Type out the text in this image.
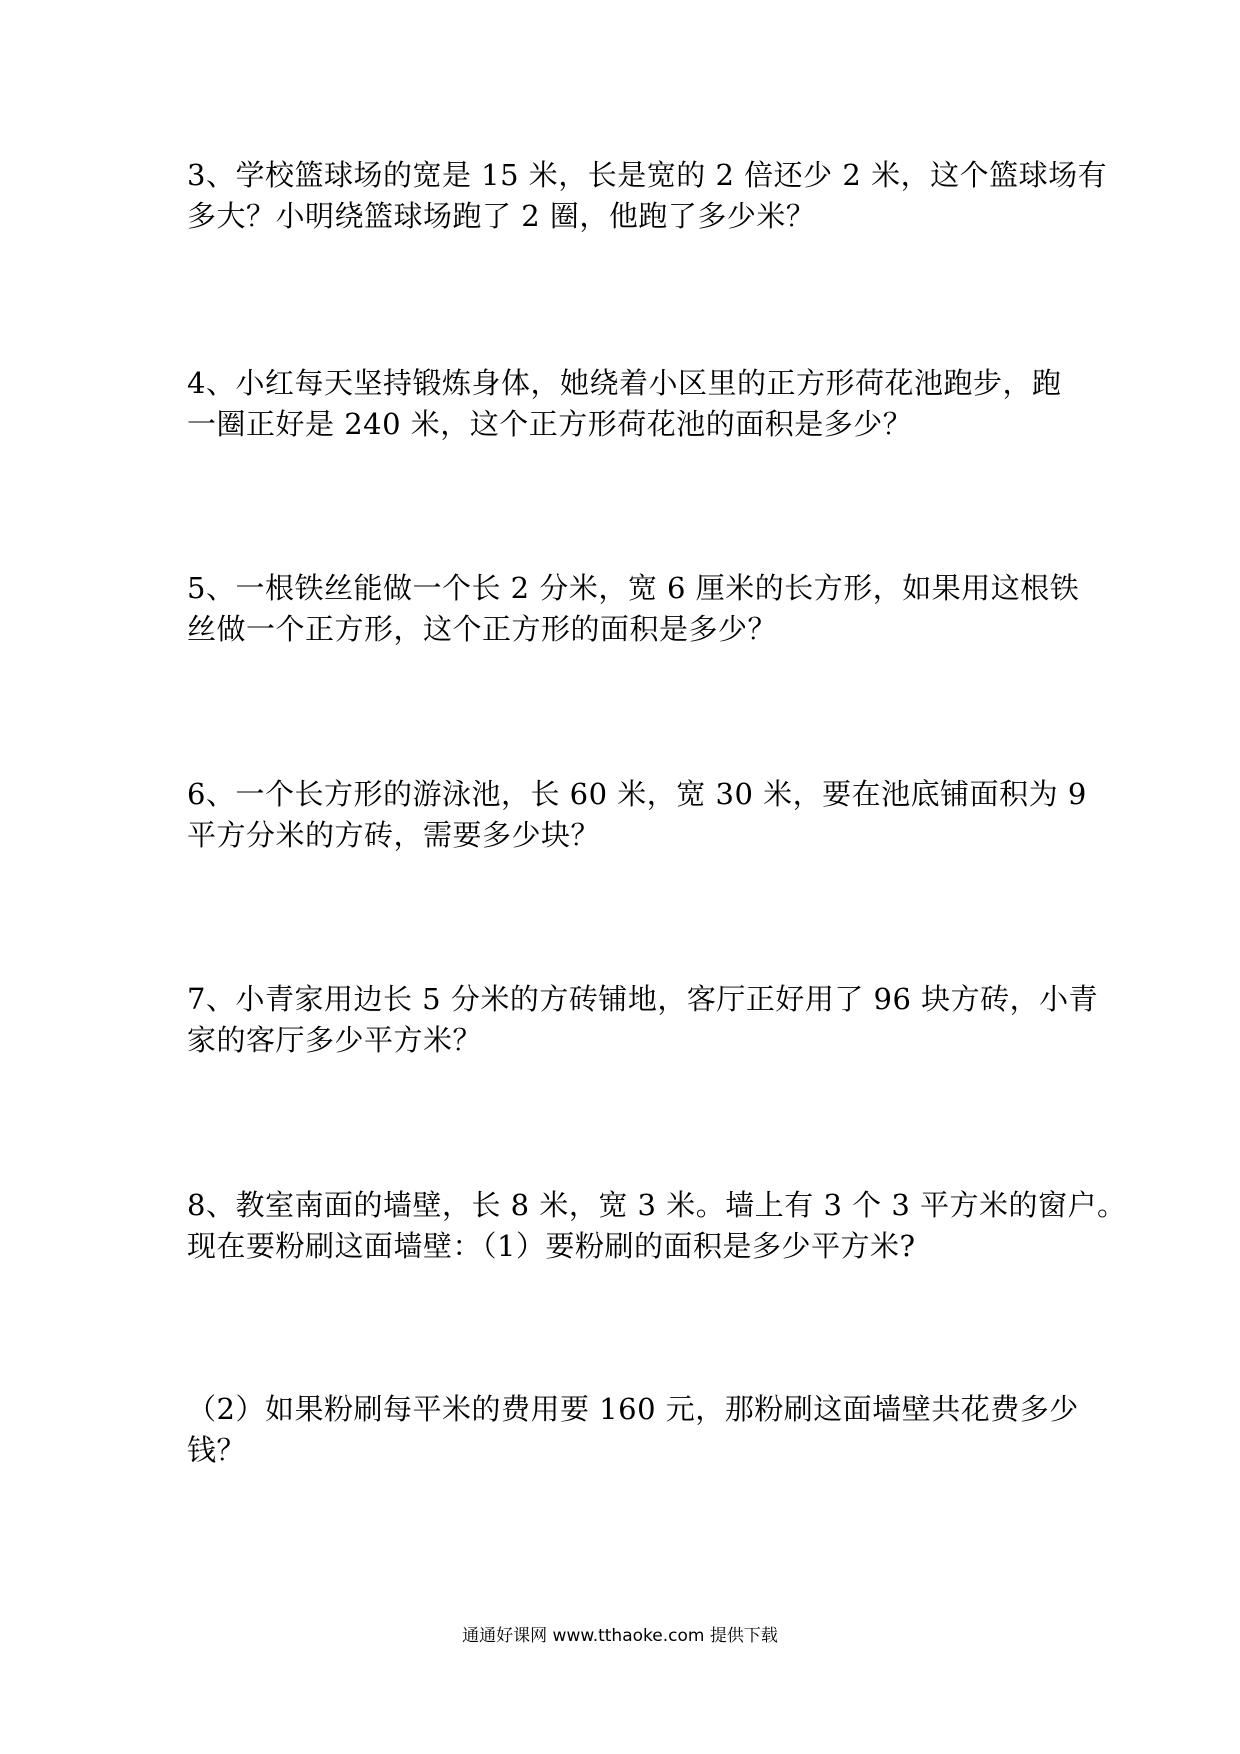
3、学校篮球场的宽是 15 米，长是宽的 2 倍还少 2 米，这个篮球场有
多大？小明绕篮球场跑了 2 圈，他跑了多少米？
4、小红每天坚持锻炼身体，她绕着小区里的正方形荷花池跑步，跑
一圈正好是 240 米，这个正方形荷花池的面积是多少？
5、一根铁丝能做一个长 2 分米，宽 6 厘米的长方形，如果用这根铁
丝做一个正方形，这个正方形的面积是多少？
6、一个长方形的游泳池，长 60 米，宽 30 米，要在池底铺面积为 9
平方分米的方砖，需要多少块？
7、小青家用边长 5 分米的方砖铺地，客厅正好用了 96 块方砖，小青
家的客厅多少平方米？
8、教室南面的墙壁，长 8 米，宽 3 米。墙上有 3 个 3 平方米的窗户。
现在要粉刷这面墙壁：（1）要粉刷的面积是多少平方米?
（2）如果粉刷每平米的费用要 160 元，那粉刷这面墙壁共花费多少
钱？
通通好课网 www.tthaoke.com 提供下载
